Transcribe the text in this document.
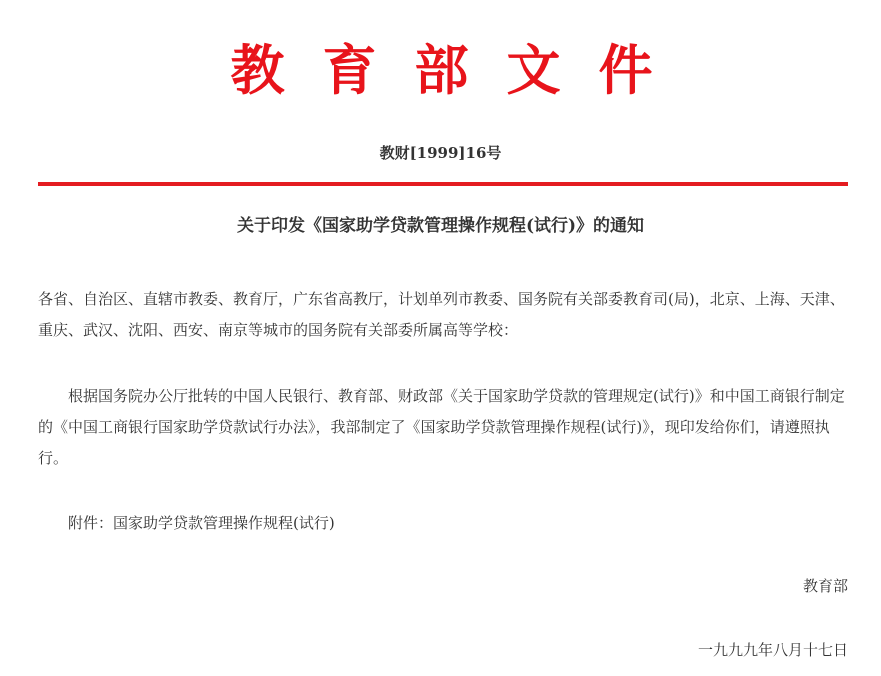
教育部文件
教财[1999]16号
关于印发《国家助学贷款管理操作规程(试行)》的通知

各省、自治区、直辖市教委、教育厅，广东省高教厅，计划单列市教委、国务院有关部委教育司(局)，北京、上海、天津、重庆、武汉、沈阳、西安、南京等城市的国务院有关部委所属高等学校：

根据国务院办公厅批转的中国人民银行、教育部、财政部《关于国家助学贷款的管理规定(试行)》和中国工商银行制定的《中国工商银行国家助学贷款试行办法》，我部制定了《国家助学贷款管理操作规程(试行)》，现印发给你们，请遵照执行。

附件：国家助学贷款管理操作规程(试行)

教育部
一九九九年八月十七日
